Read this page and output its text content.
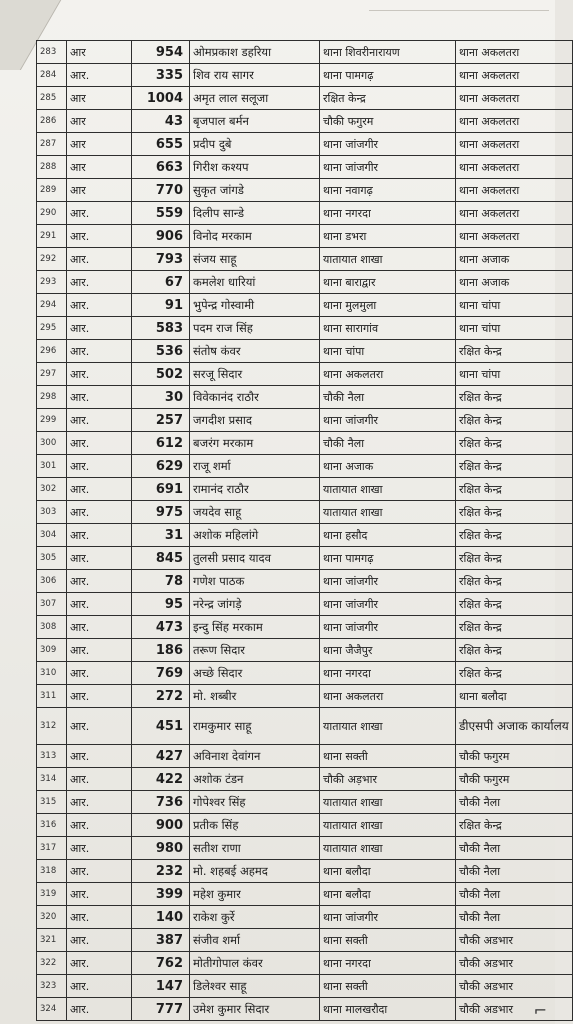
283	आर	954	ओमप्रकाश डहरिया	थाना शिवरीनारायण	थाना अकलतरा
284	आर.	335	शिव राय सागर	थाना पामगढ़	थाना अकलतरा
285	आर	1004	अमृत लाल सलूजा	रक्षित केन्द्र	थाना अकलतरा
286	आर	43	बृजपाल बर्मन	चौकी फगुरम	थाना अकलतरा
287	आर	655	प्रदीप दुबे	थाना जांजगीर	थाना अकलतरा
288	आर	663	गिरीश कश्यप	थाना जांजगीर	थाना अकलतरा
289	आर	770	सुकृत जांगडे	थाना नवागढ़	थाना अकलतरा
290	आर.	559	दिलीप सान्डे	थाना नगरदा	थाना अकलतरा
291	आर.	906	विनोद मरकाम	थाना डभरा	थाना अकलतरा
292	आर.	793	संजय साहू	यातायात शाखा	थाना अजाक
293	आर.	67	कमलेश धारियां	थाना बाराद्वार	थाना अजाक
294	आर.	91	भुपेन्द्र गोस्वामी	थाना मुलमुला	थाना चांपा
295	आर.	583	पदम राज सिंह	थाना सारागांव	थाना चांपा
296	आर.	536	संतोष कंवर	थाना चांपा	रक्षित केन्द्र
297	आर.	502	सरजू सिदार	थाना अकलतरा	थाना चांपा
298	आर.	30	विवेकानंद राठौर	चौकी नैला	रक्षित केन्द्र
299	आर.	257	जगदीश प्रसाद	थाना जांजगीर	रक्षित केन्द्र
300	आर.	612	बजरंग मरकाम	चौकी नैला	रक्षित केन्द्र
301	आर.	629	राजू शर्मा	थाना अजाक	रक्षित केन्द्र
302	आर.	691	रामानंद राठौर	यातायात शाखा	रक्षित केन्द्र
303	आर.	975	जयदेव साहू	यातायात शाखा	रक्षित केन्द्र
304	आर.	31	अशोक महिलांगे	थाना हसौद	रक्षित केन्द्र
305	आर.	845	तुलसी प्रसाद यादव	थाना पामगढ़	रक्षित केन्द्र
306	आर.	78	गणेश पाठक	थाना जांजगीर	रक्षित केन्द्र
307	आर.	95	नरेन्द्र जांगड़े	थाना जांजगीर	रक्षित केन्द्र
308	आर.	473	इन्दु सिंह मरकाम	थाना जांजगीर	रक्षित केन्द्र
309	आर.	186	तरूण सिदार	थाना जैजैपुर	रक्षित केन्द्र
310	आर.	769	अच्छे सिदार	थाना नगरदा	रक्षित केन्द्र
311	आर.	272	मो. शब्बीर	थाना अकलतरा	थाना बलौदा
312	आर.	451	रामकुमार साहू	यातायात शाखा	डीएसपी अजाक कार्यालय
313	आर.	427	अविनाश देवांगन	थाना सक्ती	चौकी फगुरम
314	आर.	422	अशोक टंडन	चौकी अड़भार	चौकी फगुरम
315	आर.	736	गोपेश्वर सिंह	यातायात शाखा	चौकी नैला
316	आर.	900	प्रतीक सिंह	यातायात शाखा	रक्षित केन्द्र
317	आर.	980	सतीश राणा	यातायात शाखा	चौकी नैला
318	आर.	232	मो. शहबई अहमद	थाना बलौदा	चौकी नैला
319	आर.	399	महेश कुमार	थाना बलौदा	चौकी नैला
320	आर.	140	राकेश कुर्रे	थाना जांजगीर	चौकी नैला
321	आर.	387	संजीव शर्मा	थाना सक्ती	चौकी अडभार
322	आर.	762	मोतीगोपाल कंवर	थाना नगरदा	चौकी अडभार
323	आर.	147	डिलेश्वर साहू	थाना सक्ती	चौकी अडभार
324	आर.	777	उमेश कुमार सिदार	थाना मालखरौदा	चौकी अडभार ⌐
